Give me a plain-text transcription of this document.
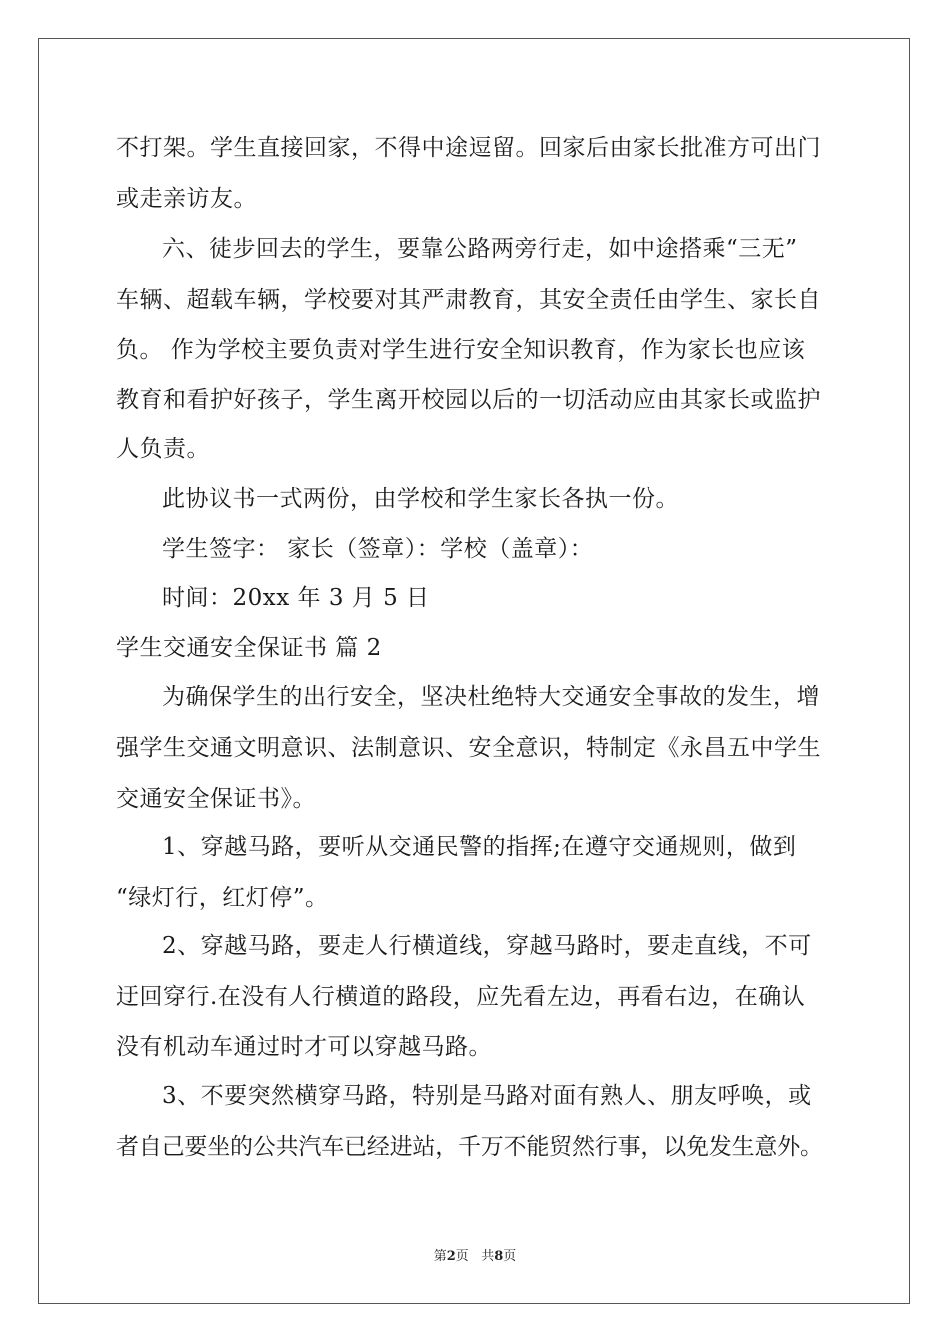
不打架。学生直接回家，不得中途逗留。回家后由家长批准方可出门
或走亲访友。
六、徒步回去的学生，要靠公路两旁行走，如中途搭乘“三无”
车辆、超载车辆，学校要对其严肃教育，其安全责任由学生、家长自
负。 作为学校主要负责对学生进行安全知识教育，作为家长也应该
教育和看护好孩子，学生离开校园以后的一切活动应由其家长或监护
人负责。
此协议书一式两份，由学校和学生家长各执一份。
学生签字： 家长（签章）：学校（盖章）：
时间：20xx 年 3 月 5 日
学生交通安全保证书 篇 2
为确保学生的出行安全，坚决杜绝特大交通安全事故的发生，增
强学生交通文明意识、法制意识、安全意识，特制定《永昌五中学生
交通安全保证书》。
1、穿越马路，要听从交通民警的指挥;在遵守交通规则，做到
“绿灯行，红灯停”。
2、穿越马路，要走人行横道线，穿越马路时，要走直线，不可
迂回穿行.在没有人行横道的路段，应先看左边，再看右边，在确认
没有机动车通过时才可以穿越马路。
3、不要突然横穿马路，特别是马路对面有熟人、朋友呼唤，或
者自己要坐的公共汽车已经进站，千万不能贸然行事，以免发生意外。
第2页 共8页
